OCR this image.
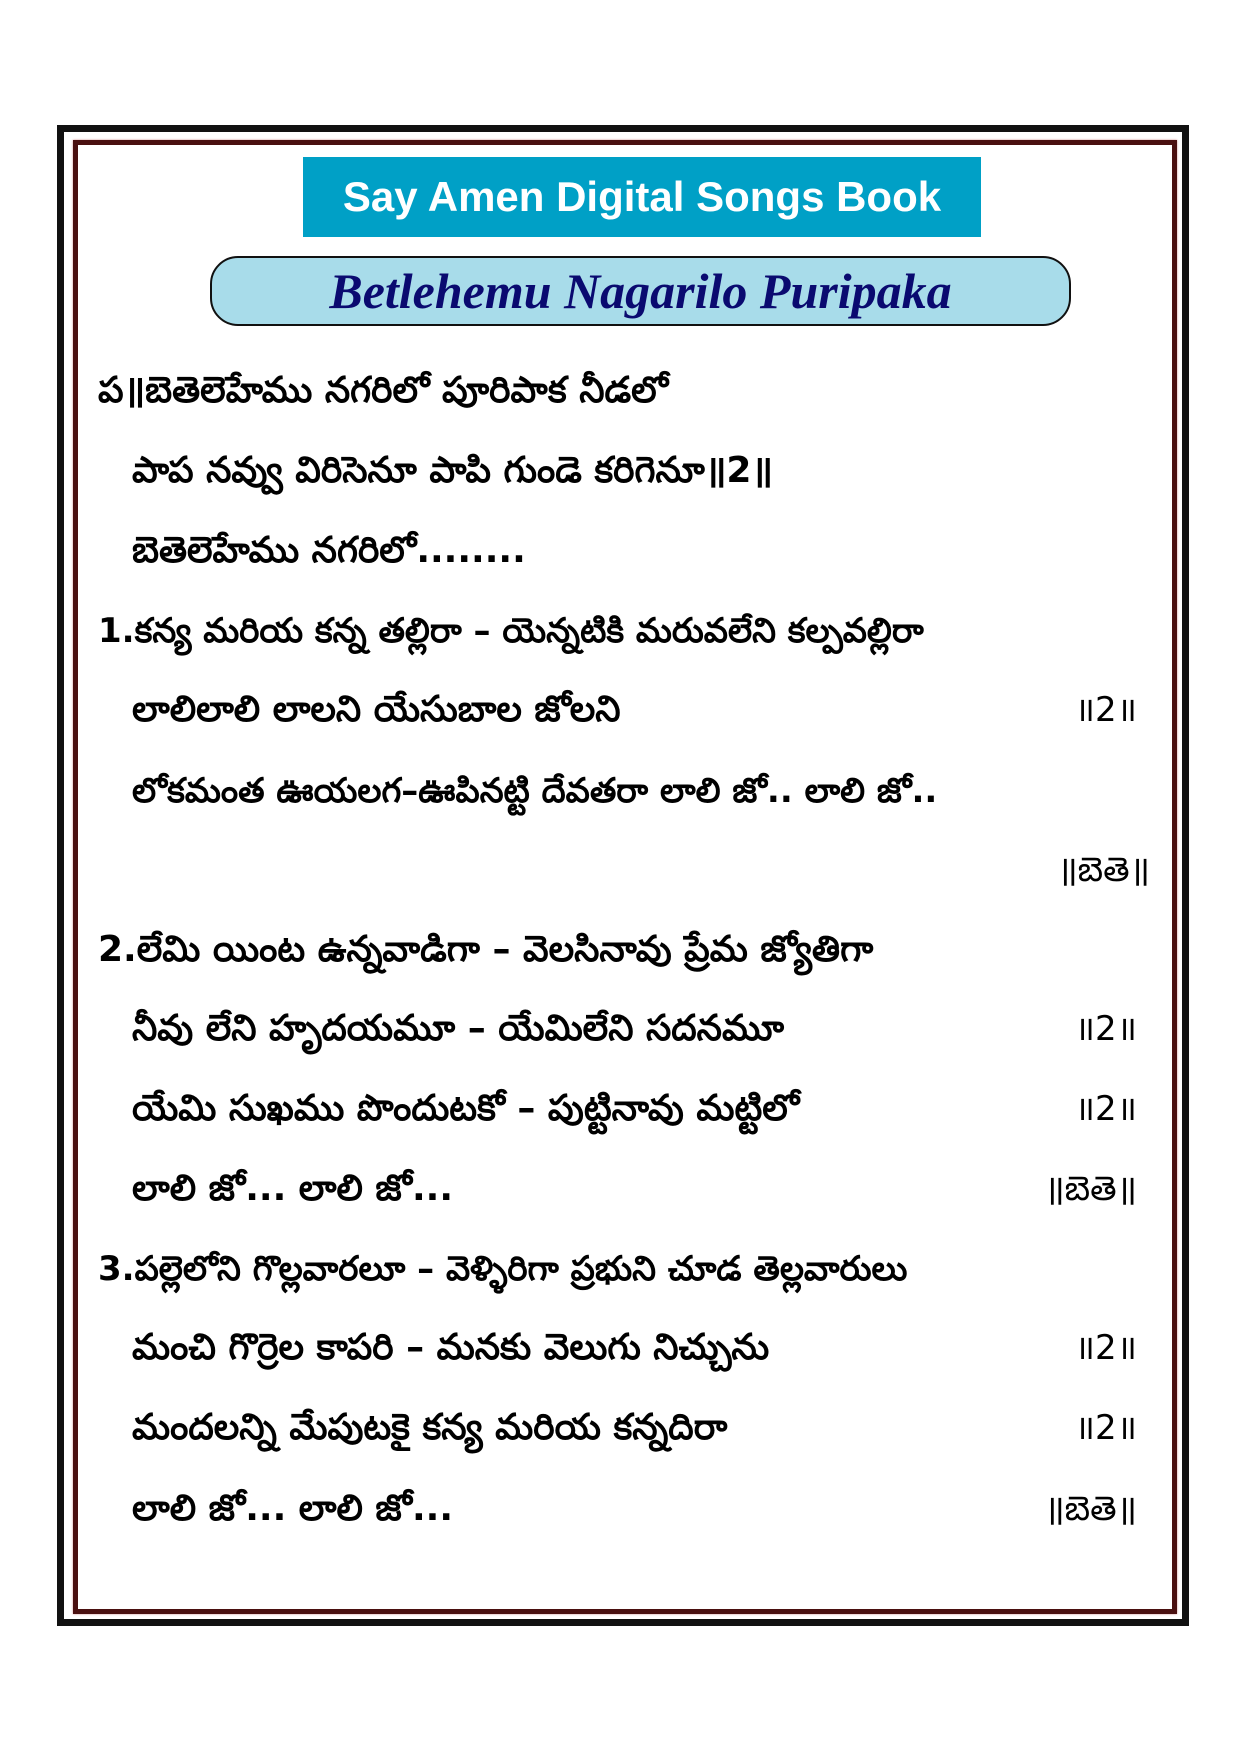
Say Amen Digital Songs Book
Betlehemu Nagarilo Puripaka
ప॥బెతెలెహేము నగరిలో పూరిపాక నీడలో
పాప నవ్వు విరిసెనూ పాపి గుండె కరిగెనూ॥2॥
బెతెలెహేము నగరిలో........
1.కన్య మరియ కన్న తల్లిరా – యెన్నటికి మరువలేని కల్పవల్లిరా
లాలిలాలి లాలని యేసుబాల జోలని	॥2॥
లోకమంత ఊయలగ–ఊపినట్టి దేవతరా లాలి జో.. లాలి జో..
॥బెతె॥
2.లేమి యింట ఉన్నవాడిగా – వెలసినావు ప్రేమ జ్యోతిగా
నీవు లేని హృదయమూ – యేమిలేని సదనమూ	॥2॥
యేమి సుఖము పొందుటకో – పుట్టినావు మట్టిలో	॥2॥
లాలి జో... లాలి జో...	॥బెతె॥
3.పల్లెలోని గొల్లవారలూ – వెళ్ళిరిగా ప్రభుని చూడ తెల్లవారులు
మంచి గొర్రెల కాపరి – మనకు వెలుగు నిచ్చును	॥2॥
మందలన్ని మేపుటకై కన్య మరియ కన్నదిరా	॥2॥
లాలి జో... లాలి జో...	॥బెతె॥
